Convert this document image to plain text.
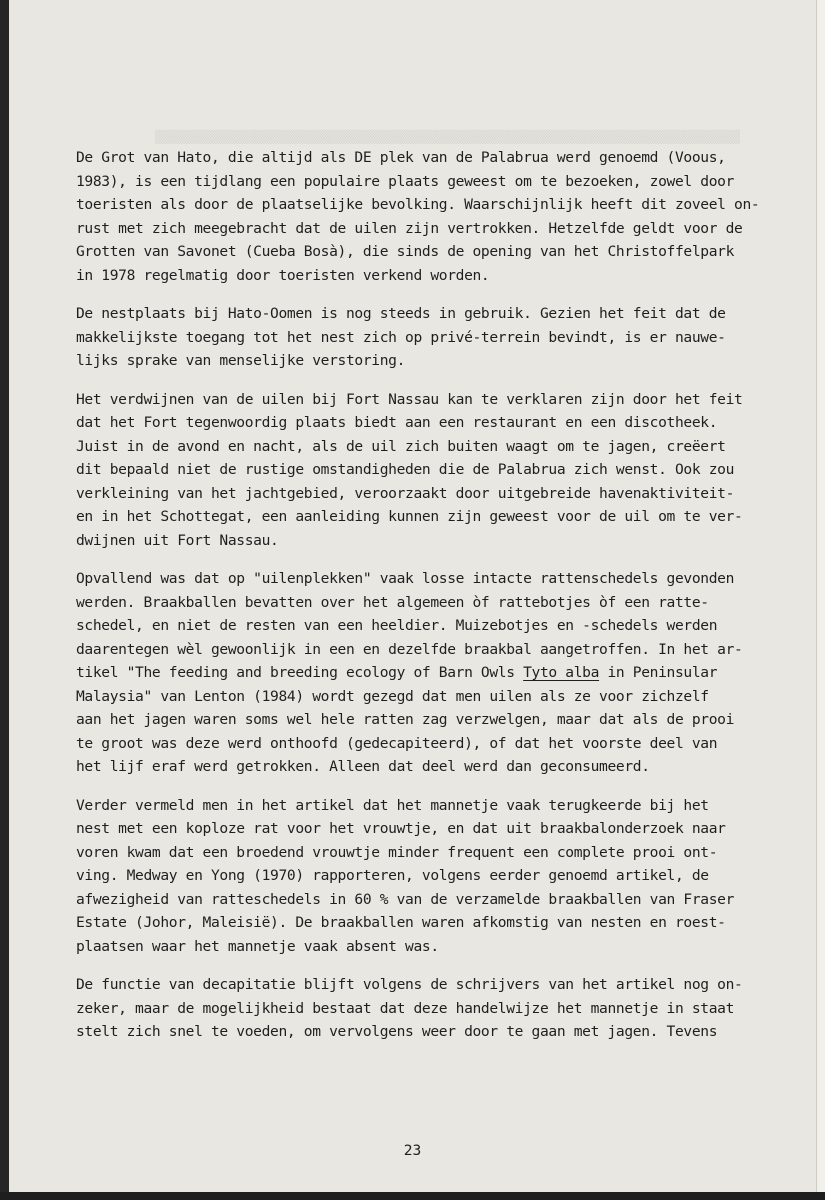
▒▒▒▒▒▒▒▒▒▒▒▒▒▒▒▒▒▒▒▒▒▒▒▒▒▒▒▒▒▒▒▒▒▒▒▒▒▒▒▒▒▒▒▒▒▒▒▒▒▒▒▒▒▒▒▒▒▒▒▒▒▒▒▒▒▒▒▒▒▒▒▒▒▒▒▒▒▒▒▒▒
De Grot van Hato, die altijd als DE plek van de Palabrua werd genoemd (Voous,
1983), is een tijdlang een populaire plaats geweest om te bezoeken, zowel door
toeristen als door de plaatselijke bevolking. Waarschijnlijk heeft dit zoveel on-
rust met zich meegebracht dat de uilen zijn vertrokken. Hetzelfde geldt voor de
Grotten van Savonet (Cueba Bosà), die sinds de opening van het Christoffelpark
in 1978 regelmatig door toeristen verkend worden.
De nestplaats bij Hato-Oomen is nog steeds in gebruik. Gezien het feit dat de
makkelijkste toegang tot het nest zich op privé-terrein bevindt, is er nauwe-
lijks sprake van menselijke verstoring.
Het verdwijnen van de uilen bij Fort Nassau kan te verklaren zijn door het feit
dat het Fort tegenwoordig plaats biedt aan een restaurant en een discotheek.
Juist in de avond en nacht, als de uil zich buiten waagt om te jagen, creëert
dit bepaald niet de rustige omstandigheden die de Palabrua zich wenst. Ook zou
verkleining van het jachtgebied, veroorzaakt door uitgebreide havenaktiviteit-
en in het Schottegat, een aanleiding kunnen zijn geweest voor de uil om te ver-
dwijnen uit Fort Nassau.
Opvallend was dat op "uilenplekken" vaak losse intacte rattenschedels gevonden
werden. Braakballen bevatten over het algemeen òf rattebotjes òf een ratte-
schedel, en niet de resten van een heeldier. Muizebotjes en -schedels werden
daarentegen wèl gewoonlijk in een en dezelfde braakbal aangetroffen. In het ar-
tikel "The feeding and breeding ecology of Barn Owls Tyto alba in Peninsular
Malaysia" van Lenton (1984) wordt gezegd dat men uilen als ze voor zichzelf
aan het jagen waren soms wel hele ratten zag verzwelgen, maar dat als de prooi
te groot was deze werd onthoofd (gedecapiteerd), of dat het voorste deel van
het lijf eraf werd getrokken. Alleen dat deel werd dan geconsumeerd.
Verder vermeld men in het artikel dat het mannetje vaak terugkeerde bij het
nest met een koploze rat voor het vrouwtje, en dat uit braakbalonderzoek naar
voren kwam dat een broedend vrouwtje minder frequent een complete prooi ont-
ving. Medway en Yong (1970) rapporteren, volgens eerder genoemd artikel, de
afwezigheid van ratteschedels in 60 % van de verzamelde braakballen van Fraser
Estate (Johor, Maleisië). De braakballen waren afkomstig van nesten en roest-
plaatsen waar het mannetje vaak absent was.
De functie van decapitatie blijft volgens de schrijvers van het artikel nog on-
zeker, maar de mogelijkheid bestaat dat deze handelwijze het mannetje in staat
stelt zich snel te voeden, om vervolgens weer door te gaan met jagen. Tevens
23
